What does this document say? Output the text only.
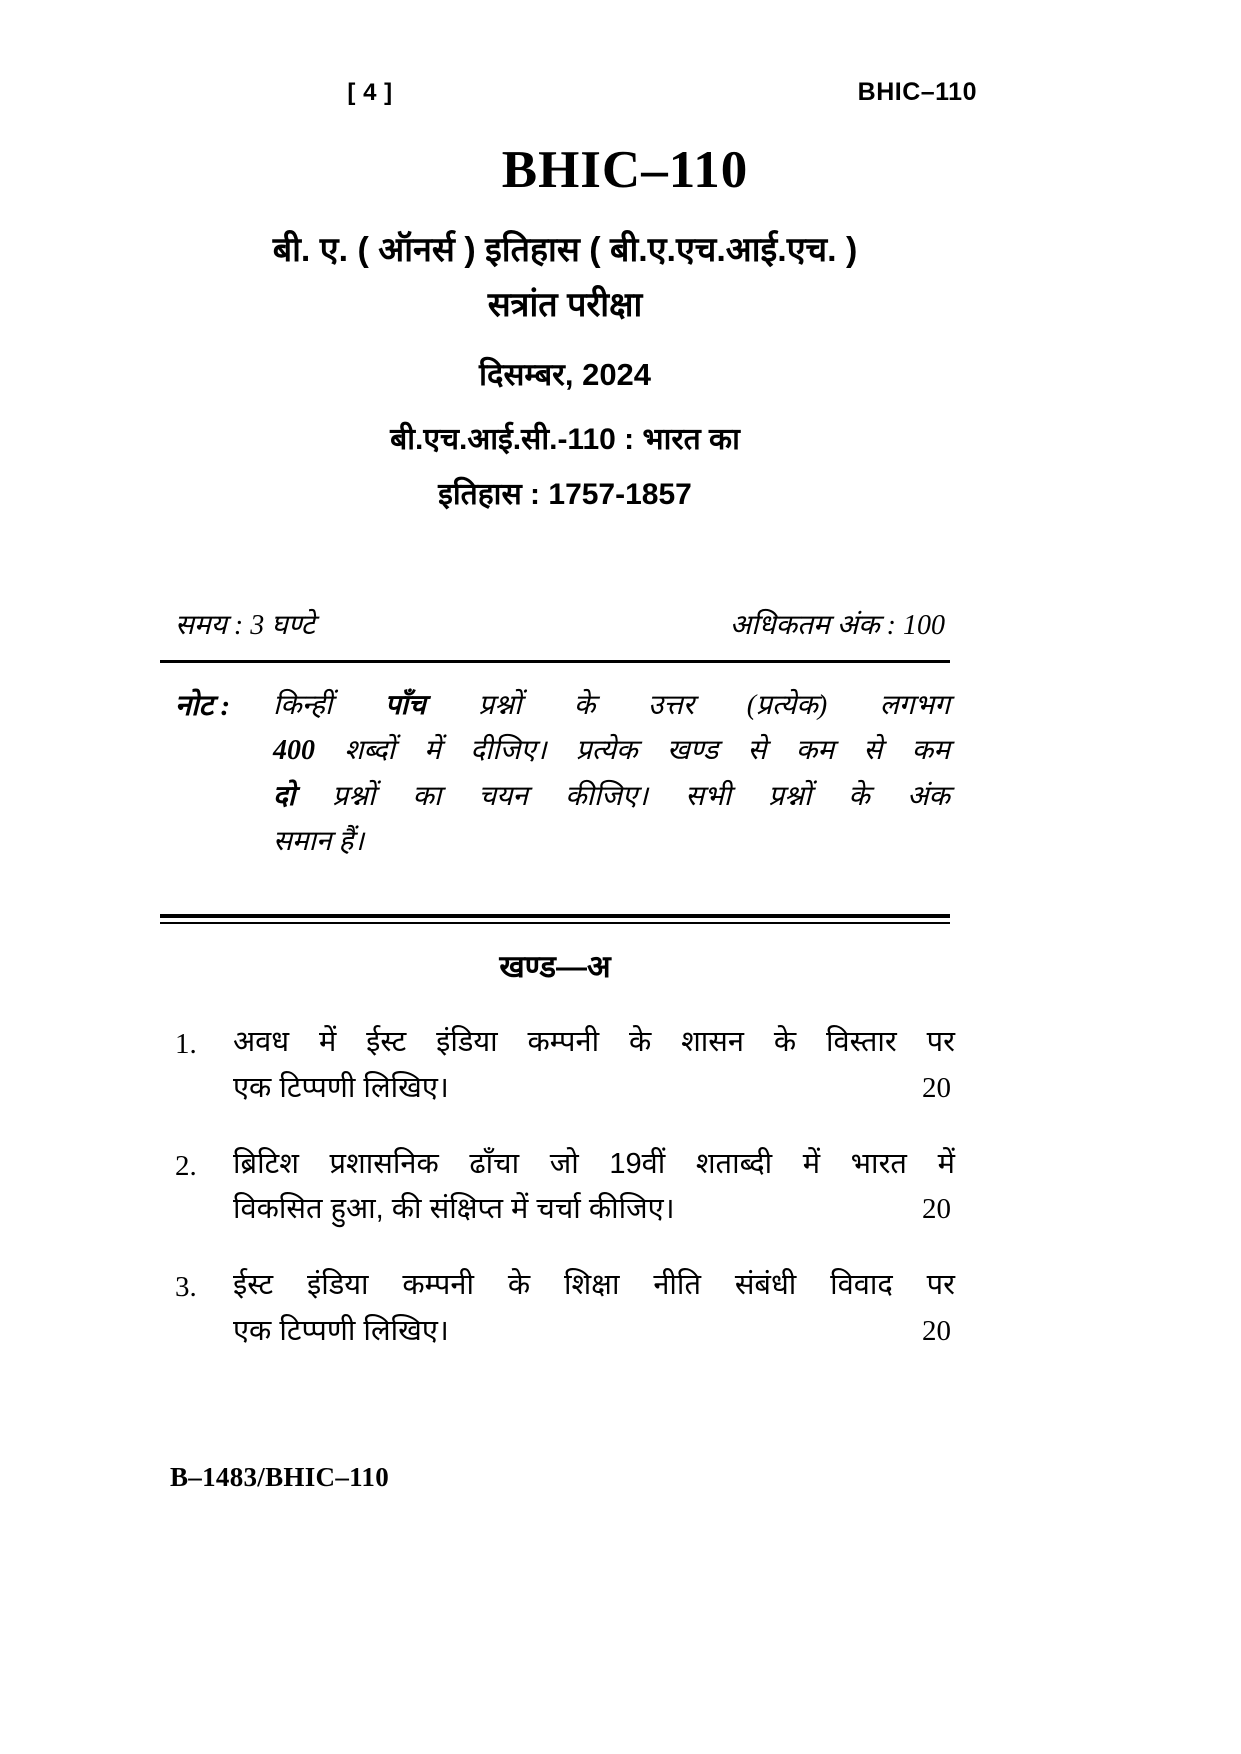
[ 4 ]	BHIC–110
BHIC–110
बी. ए. ( ऑनर्स ) इतिहास ( बी.ए.एच.आई.एच. )
सत्रांत परीक्षा
दिसम्बर, 2024
बी.एच.आई.सी.-110 : भारत का
इतिहास : 1757-1857
समय : 3 घण्टे	अधिकतम अंक : 100
नोट :	किन्हीं पाँच प्रश्नों के उत्तर (प्रत्येक) लगभग
400 शब्दों में दीजिए। प्रत्येक खण्ड से कम से कम
दो प्रश्नों का चयन कीजिए। सभी प्रश्नों के अंक
समान हैं।
खण्ड—अ
1.	अवध में ईस्ट इंडिया कम्पनी के शासन के विस्तार पर
एक टिप्पणी लिखिए।	20
2.	ब्रिटिश प्रशासनिक ढाँचा जो 19वीं शताब्दी में भारत में
विकसित हुआ, की संक्षिप्त में चर्चा कीजिए।	20
3.	ईस्ट इंडिया कम्पनी के शिक्षा नीति संबंधी विवाद पर
एक टिप्पणी लिखिए।	20
B–1483/BHIC–110
